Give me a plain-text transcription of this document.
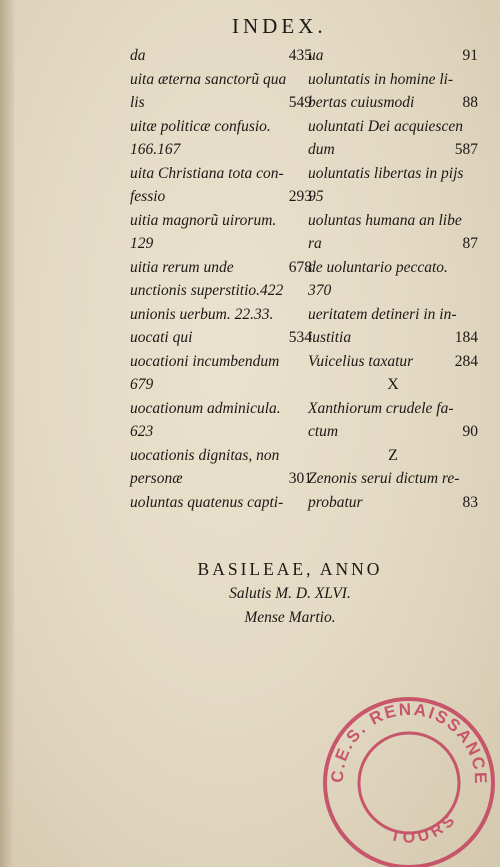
INDEX.
da	435
uita æterna sanctorũ qua
lis	549
uitæ politicæ confusio.
166.167
uita Christiana tota con-
fessio	293
uitia magnorũ uirorum.
129
uitia rerum unde	678
unctionis superstitio.422
unionis uerbum. 22.33.
uocati qui	534
uocationi incumbendum
679
uocationum adminicula.
623
uocationis dignitas, non
personæ	301
uoluntas quatenus capti-
ua	91
uoluntatis in homine li-
bertas cuiusmodi	88
uoluntati Dei acquiescen
dum	587
uoluntatis libertas in pijs
95
uoluntas humana an libe
ra	87
de uoluntario peccato.
370
ueritatem detineri in in-
iustitia	184
Vuicelius taxatur	284
X
Xanthiorum crudele fa-
ctum	90
Z
Zenonis serui dictum re-
probatur	83
BASILEAE, ANNO
Salutis M. D. XLVI.
Mense Martio.
C.E.S. RENAISSANCE
TOURS
